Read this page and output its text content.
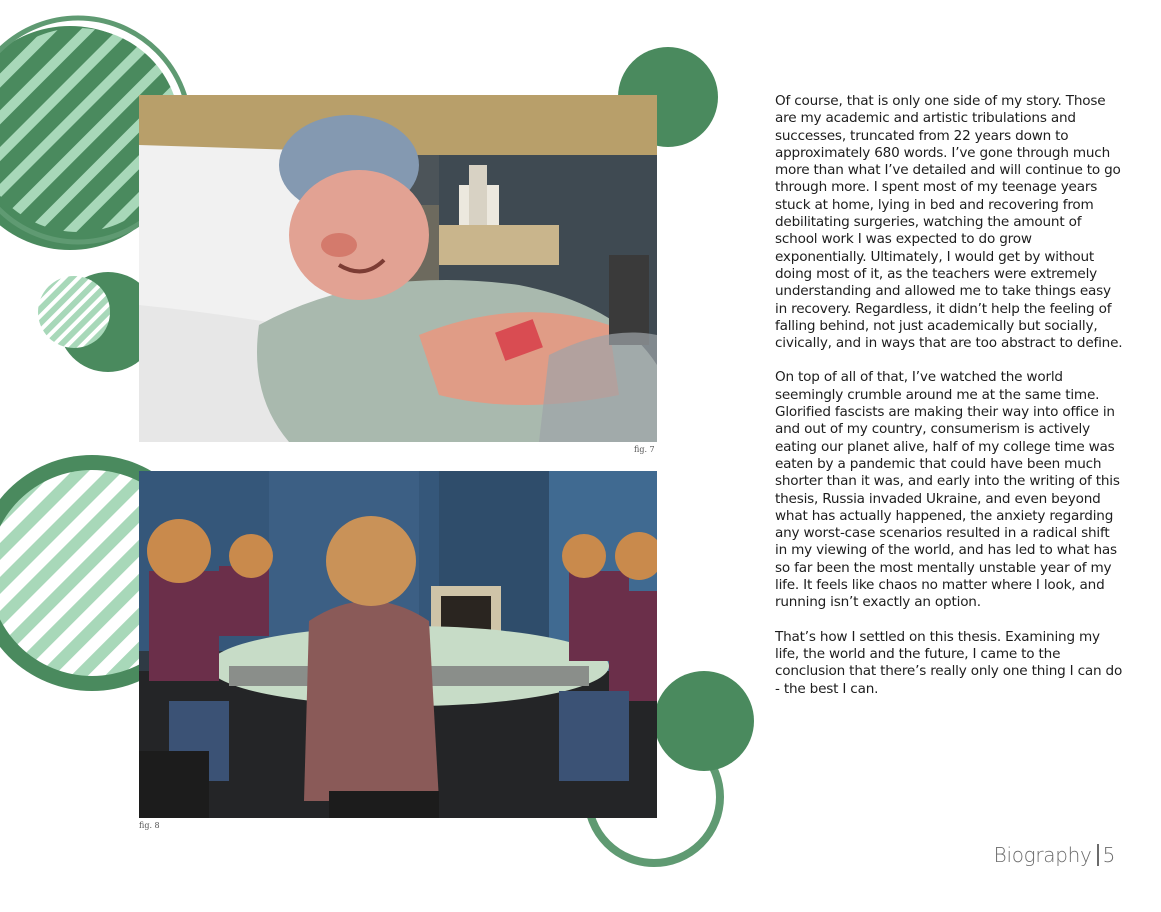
fig. 7
fig. 8

Of course, that is only one side of my story. Those are my academic and artistic tribulations and successes, truncated from 22 years down to approximately 680 words. I’ve gone through much more than what I’ve detailed and will continue to go through more. I spent most of my teenage years stuck at home, lying in bed and recovering from debilitating surgeries, watching the amount of school work I was expected to do grow exponentially. Ultimately, I would get by without doing most of it, as the teachers were extremely understanding and allowed me to take things easy in recovery. Regardless, it didn’t help the feeling of falling behind, not just academically but socially, civically, and in ways that are too abstract to define.

On top of all of that, I’ve watched the world seemingly crumble around me at the same time. Glorified fascists are making their way into office in and out of my country, consumerism is actively eating our planet alive, half of my college time was eaten by a pandemic that could have been much shorter than it was, and early into the writing of this thesis, Russia invaded Ukraine, and even beyond what has actually happened, the anxiety regarding any worst-case scenarios resulted in a radical shift in my viewing of the world, and has led to what has so far been the most mentally unstable year of my life. It feels like chaos no matter where I look, and running isn’t exactly an option.

That’s how I settled on this thesis. Examining my life, the world and the future, I came to the conclusion that there’s really only one thing I can do - the best I can.

Biography 5
